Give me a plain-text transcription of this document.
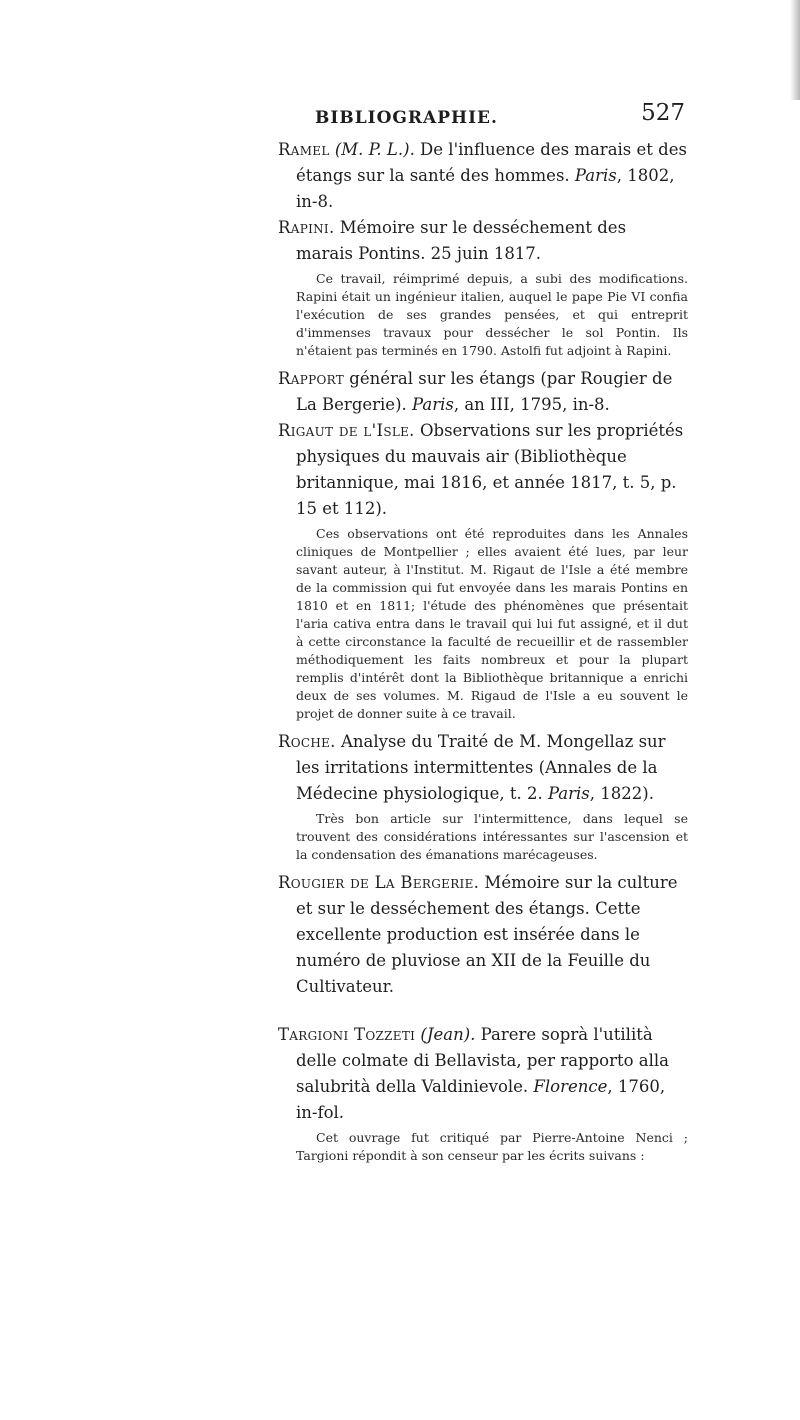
BIBLIOGRAPHIE.	527

Ramel (M. P. L.). De l'influence des marais et des étangs sur la santé des hommes. Paris, 1802, in-8.

Rapini. Mémoire sur le desséchement des marais Pontins. 25 juin 1817.

Ce travail, réimprimé depuis, a subi des modifications. Rapini était un ingénieur italien, auquel le pape Pie VI confia l'exécution de ses grandes pensées, et qui entreprit d'immenses travaux pour dessécher le sol Pontin. Ils n'étaient pas terminés en 1790. Astolfi fut adjoint à Rapini.

Rapport général sur les étangs (par Rougier de La Bergerie). Paris, an III, 1795, in-8.

Rigaut de l'Isle. Observations sur les propriétés physiques du mauvais air (Bibliothèque britannique, mai 1816, et année 1817, t. 5, p. 15 et 112).

Ces observations ont été reproduites dans les Annales cliniques de Montpellier ; elles avaient été lues, par leur savant auteur, à l'Institut. M. Rigaut de l'Isle a été membre de la commission qui fut envoyée dans les marais Pontins en 1810 et en 1811; l'étude des phénomènes que présentait l'aria cativa entra dans le travail qui lui fut assigné, et il dut à cette circonstance la faculté de recueillir et de rassembler méthodiquement les faits nombreux et pour la plupart remplis d'intérêt dont la Bibliothèque britannique a enrichi deux de ses volumes. M. Rigaud de l'Isle a eu souvent le projet de donner suite à ce travail.

Roche. Analyse du Traité de M. Mongellaz sur les irritations intermittentes (Annales de la Médecine physiologique, t. 2. Paris, 1822).

Très bon article sur l'intermittence, dans lequel se trouvent des considérations intéressantes sur l'ascension et la condensation des émanations marécageuses.

Rougier de La Bergerie. Mémoire sur la culture et sur le desséchement des étangs. Cette excellente production est insérée dans le numéro de pluviose an XII de la Feuille du Cultivateur.

Targioni Tozzeti (Jean). Parere soprà l'utilità delle colmate di Bellavista, per rapporto alla salubrità della Valdinievole. Florence, 1760, in-fol.

Cet ouvrage fut critiqué par Pierre-Antoine Nenci ; Targioni répondit à son censeur par les écrits suivans :
